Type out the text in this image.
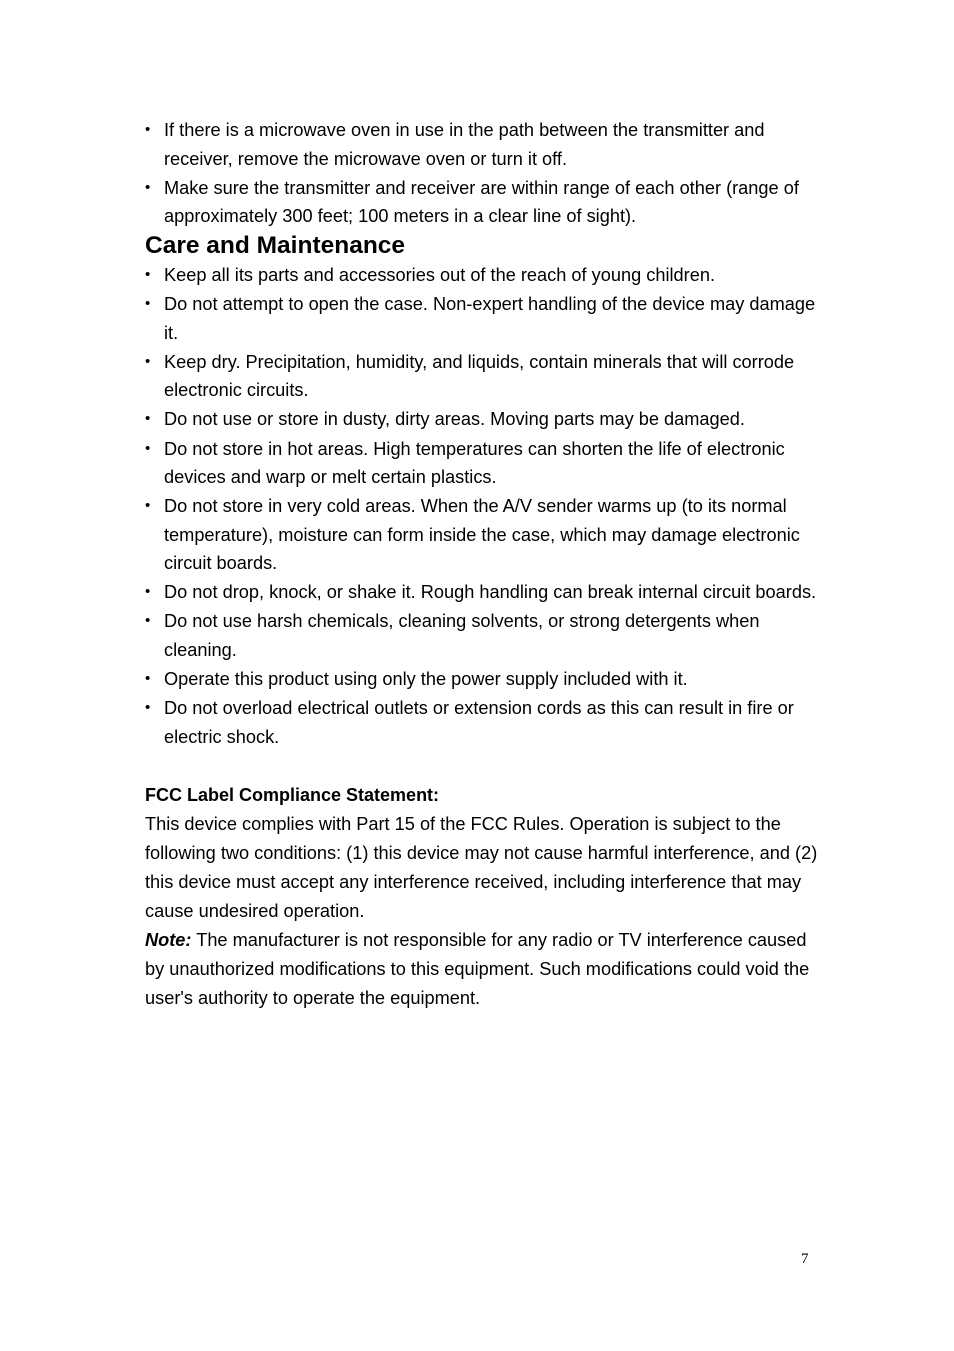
• If there is a microwave oven in use in the path between the transmitter and receiver, remove the microwave oven or turn it off.
• Make sure the transmitter and receiver are within range of each other (range of approximately 300 feet; 100 meters in a clear line of sight).
Care and Maintenance
• Keep all its parts and accessories out of the reach of young children.
• Do not attempt to open the case. Non-expert handling of the device may damage it.
• Keep dry. Precipitation, humidity, and liquids, contain minerals that will corrode electronic circuits.
• Do not use or store in dusty, dirty areas. Moving parts may be damaged.
• Do not store in hot areas. High temperatures can shorten the life of electronic devices and warp or melt certain plastics.
• Do not store in very cold areas. When the A/V sender warms up (to its normal temperature), moisture can form inside the case, which may damage electronic circuit boards.
• Do not drop, knock, or shake it. Rough handling can break internal circuit boards.
• Do not use harsh chemicals, cleaning solvents, or strong detergents when cleaning.
• Operate this product using only the power supply included with it.
• Do not overload electrical outlets or extension cords as this can result in fire or electric shock.

FCC Label Compliance Statement:

This device complies with Part 15 of the FCC Rules. Operation is subject to the following two conditions: (1) this device may not cause harmful interference, and (2) this device must accept any interference received, including interference that may cause undesired operation.

Note: The manufacturer is not responsible for any radio or TV interference caused by unauthorized modifications to this equipment. Such modifications could void the user's authority to operate the equipment.

7
